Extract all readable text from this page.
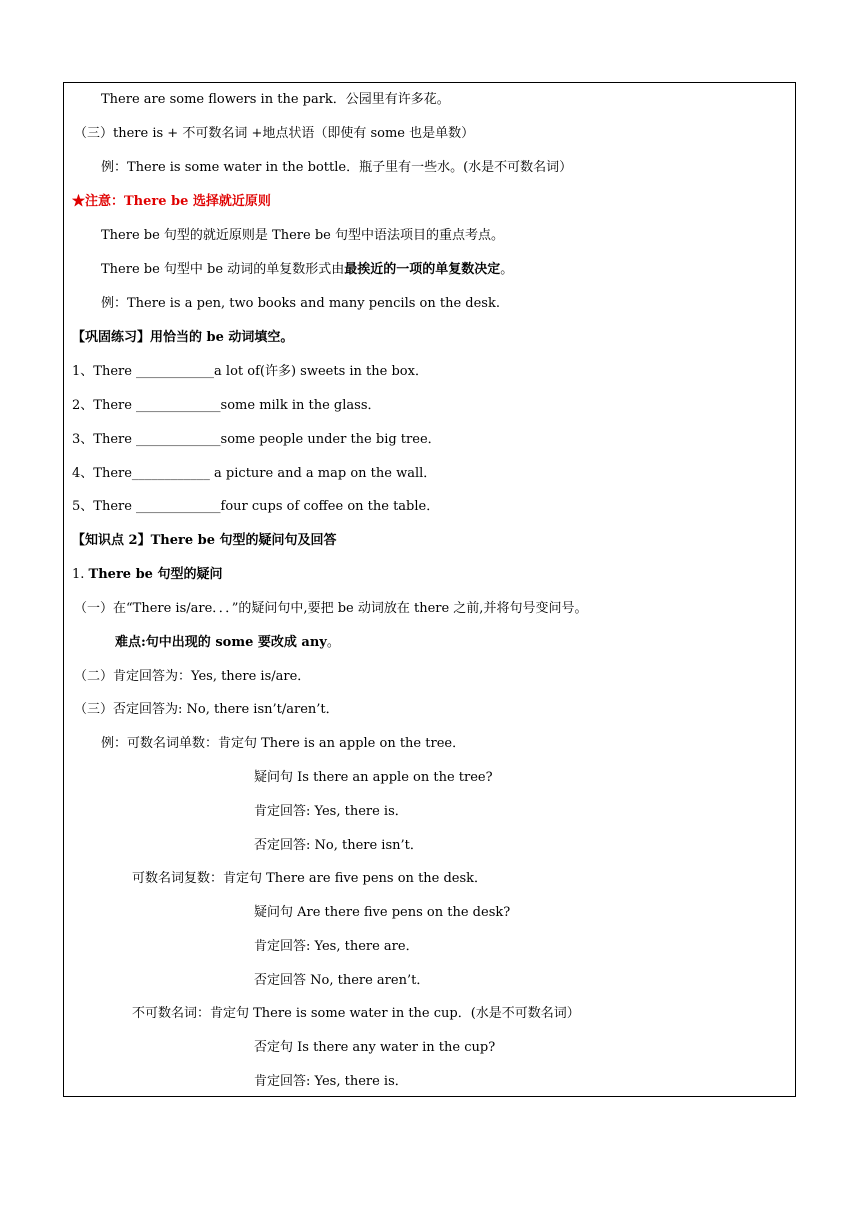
There are some flowers in the park．公园里有许多花。
（三）there is + 不可数名词 +地点状语（即使有 some 也是单数）
例：There is some water in the bottle．瓶子里有一些水。(水是不可数名词）
★注意：There be 选择就近原则
There be 句型的就近原则是 There be 句型中语法项目的重点考点。
There be 句型中 be 动词的单复数形式由最挨近的一项的单复数决定。
例：There is a pen, two books and many pencils on the desk.
【巩固练习】用恰当的 be 动词填空。
1、There ____________a lot of(许多) sweets in the box．
2、There _____________some milk in the glass．
3、There _____________some people under the big tree．
4、There____________ a picture and a map on the wall．
5、There _____________four cups of coffee on the table．
【知识点 2】There be 句型的疑问句及回答
1. There be 句型的疑问
（一）在“There is/are．．．”的疑问句中,要把 be 动词放在 there 之前,并将句号变问号。
难点:句中出现的 some 要改成 any。
（二）肯定回答为：Yes, there is/are．
（三）否定回答为: No, there isn’t/aren’t．
例：可数名词单数：肯定句 There is an apple on the tree．
疑问句 Is there an apple on the tree?
肯定回答: Yes, there is．
否定回答: No, there isn’t．
可数名词复数：肯定句 There are five pens on the desk．
疑问句 Are there five pens on the desk?
肯定回答: Yes, there are．
否定回答 No, there aren’t．
不可数名词：肯定句 There is some water in the cup．(水是不可数名词）
否定句 Is there any water in the cup?
肯定回答: Yes, there is．
